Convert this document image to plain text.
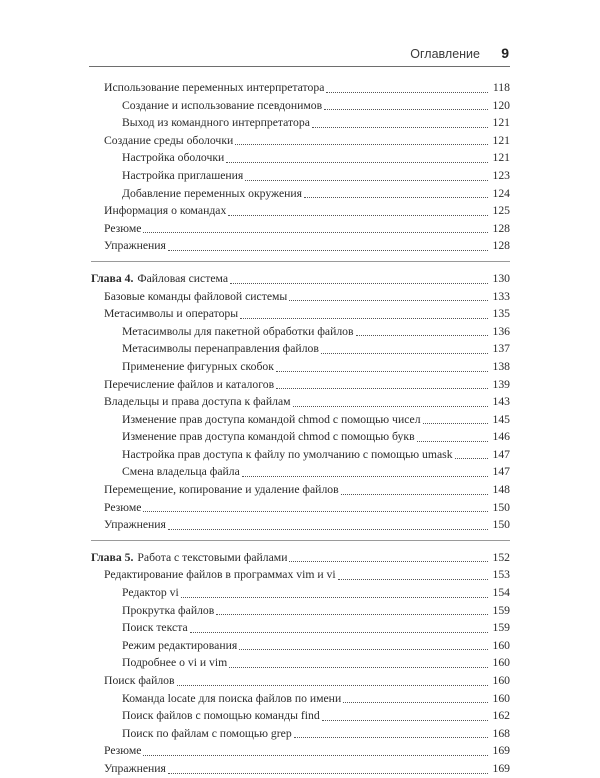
Оглавление 9
Использование переменных интерпретатора	118
Создание и использование псевдонимов	120
Выход из командного интерпретатора	121
Создание среды оболочки	121
Настройка оболочки	121
Настройка приглашения	123
Добавление переменных окружения	124
Информация о командах	125
Резюме	128
Упражнения	128
Глава 4. Файловая система	130
Базовые команды файловой системы	133
Метасимволы и операторы	135
Метасимволы для пакетной обработки файлов	136
Метасимволы перенаправления файлов	137
Применение фигурных скобок	138
Перечисление файлов и каталогов	139
Владельцы и права доступа к файлам	143
Изменение прав доступа командой chmod с помощью чисел	145
Изменение прав доступа командой chmod с помощью букв	146
Настройка прав доступа к файлу по умолчанию с помощью umask	147
Смена владельца файла	147
Перемещение, копирование и удаление файлов	148
Резюме	150
Упражнения	150
Глава 5. Работа с текстовыми файлами	152
Редактирование файлов в программах vim и vi	153
Редактор vi	154
Прокрутка файлов	159
Поиск текста	159
Режим редактирования	160
Подробнее о vi и vim	160
Поиск файлов	160
Команда locate для поиска файлов по имени	160
Поиск файлов с помощью команды find	162
Поиск по файлам с помощью grep	168
Резюме	169
Упражнения	169
